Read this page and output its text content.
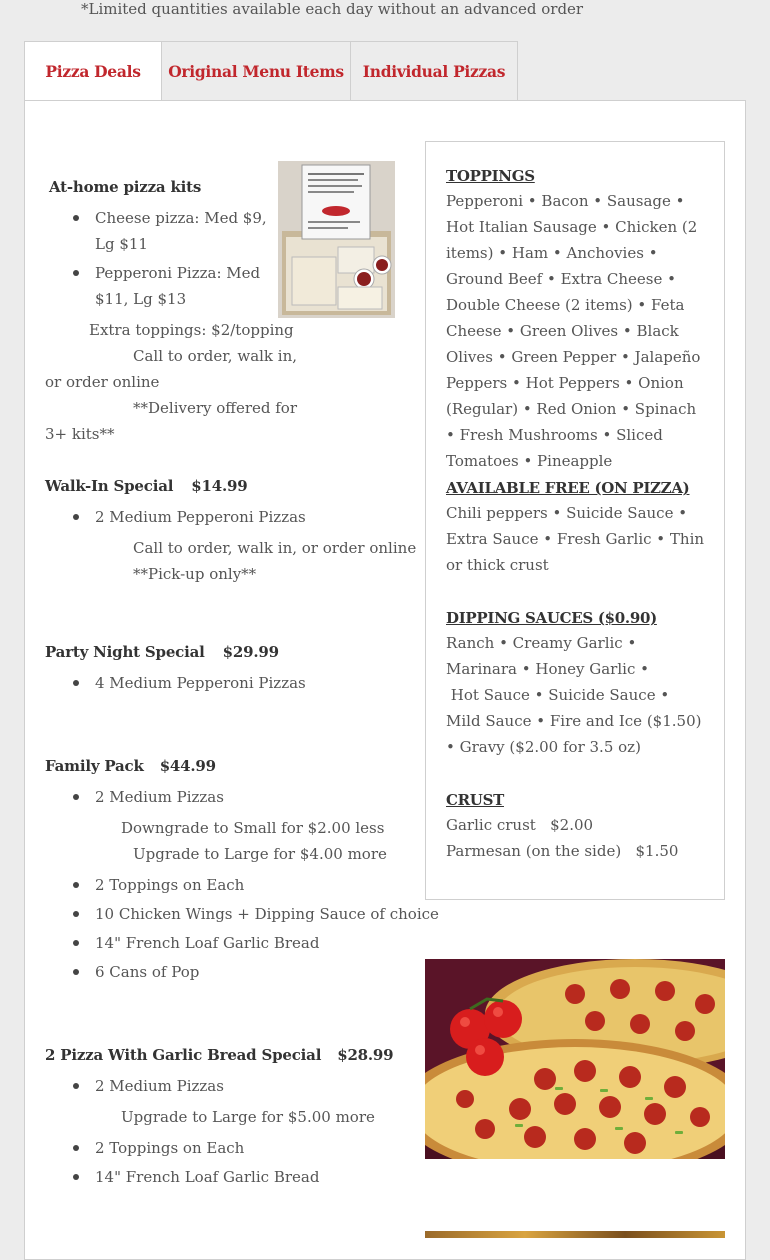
*Limited quantities available each day without an advanced order
Pizza Deals	Original Menu Items	Individual Pizzas
At-home pizza kits
Cheese pizza: Med $9, Lg $11
Pepperoni Pizza: Med $11, Lg $13
Extra toppings: $2/topping
Call to order, walk in,
or order online
**Delivery offered for
3+ kits**
Walk-In Special $14.99
2 Medium Pepperoni Pizzas
Call to order, walk in, or order online
**Pick-up only**
Party Night Special $29.99
4 Medium Pepperoni Pizzas
Family Pack $44.99
2 Medium Pizzas
Downgrade to Small for $2.00 less
Upgrade to Large for $4.00 more
2 Toppings on Each
10 Chicken Wings + Dipping Sauce of choice
14" French Loaf Garlic Bread
6 Cans of Pop
2 Pizza With Garlic Bread Special $28.99
2 Medium Pizzas
Upgrade to Large for $5.00 more
2 Toppings on Each
14" French Loaf Garlic Bread
TOPPINGS
Pepperoni • Bacon • Sausage • Hot Italian Sausage • Chicken (2 items) • Ham • Anchovies • Ground Beef • Extra Cheese • Double Cheese (2 items) • Feta Cheese • Green Olives • Black Olives • Green Pepper • Jalapeño Peppers • Hot Peppers • Onion (Regular) • Red Onion • Spinach • Fresh Mushrooms • Sliced Tomatoes • Pineapple
AVAILABLE FREE (ON PIZZA)
Chili peppers • Suicide Sauce • Extra Sauce • Fresh Garlic • Thin or thick crust
DIPPING SAUCES ($0.90)
Ranch • Creamy Garlic • Marinara • Honey Garlic •
Hot Sauce • Suicide Sauce • Mild Sauce • Fire and Ice ($1.50) • Gravy ($2.00 for 3.5 oz)
CRUST
Garlic crust   $2.00
Parmesan (on the side)   $1.50
